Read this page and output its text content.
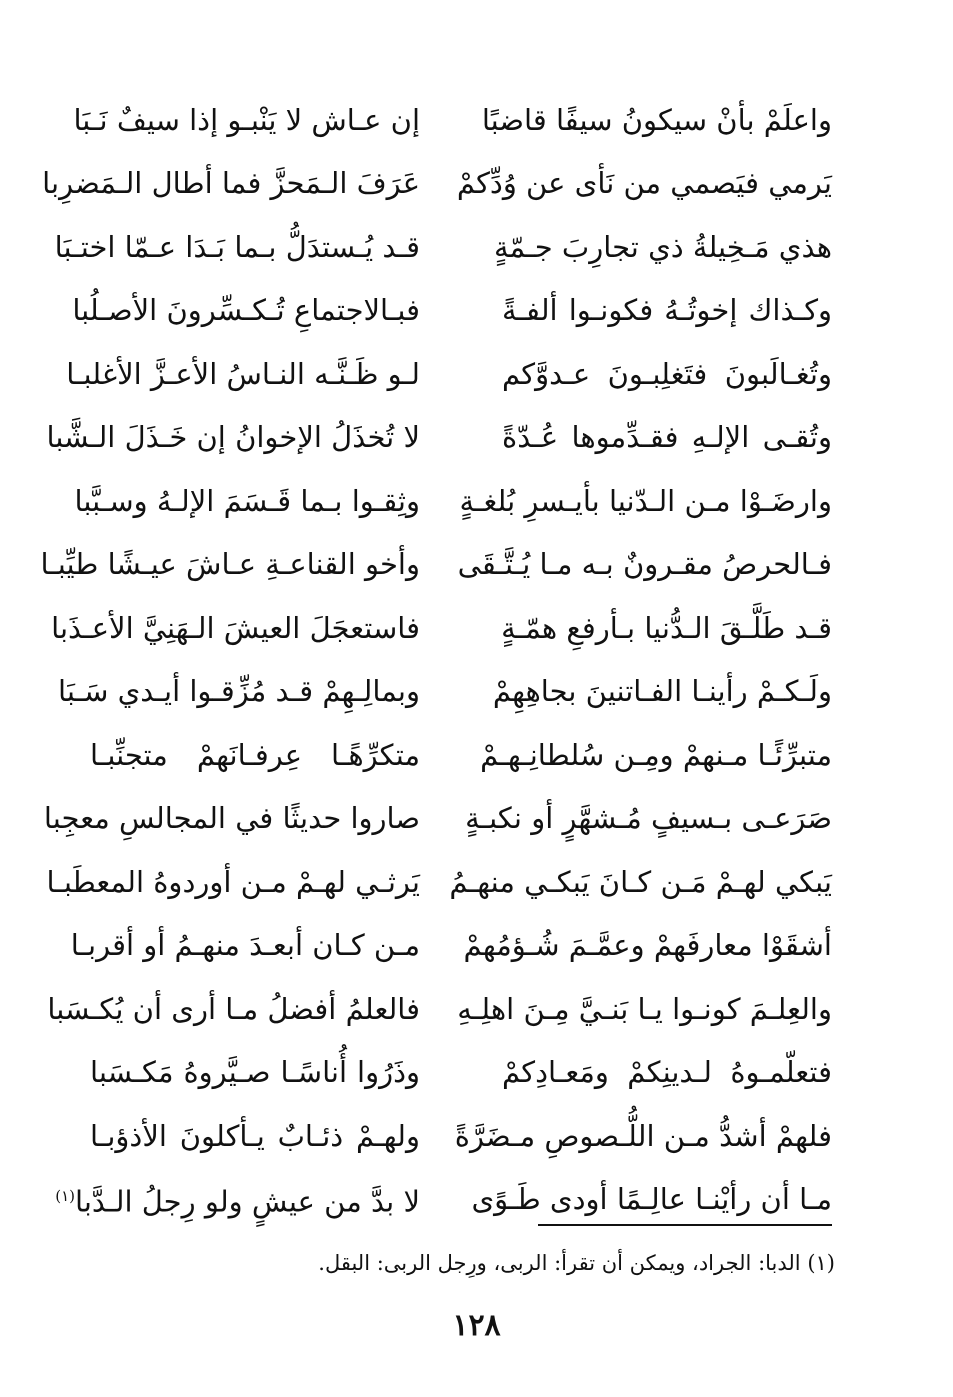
واعلَمْ بأنْ سيكونُ سيفًا قاضبًا
إن عـاش لا يَنْبـو إذا سيفٌ نَـبَا
يَرمي فيَصمي من نَأى عن وُدِّكمْ
عَرَفَ الـمَحزَّ فما أطال الـمَضرِبا
هذي مَـخِيلةُ ذي تجارِبَ جـمّةٍ
قـد يُـستدَلُّ بـما بَـدَا عـمّا اختـبَا
وكـذاك إخوتُـهُ فكونـوا ألفـةً
فبـالاجتماعِ تُـكـسِّرونَ الأصـلُبا
وتُغـالَبونَ فتَغلِبـونَ عـدوَّكم
لـو ظَـنَّـه النـاسُ الأعـزَّ الأغلبـا
وتُقـى الإلـهِ فقـدِّموها عُـدّةً
لا تُخذَلُ الإخوانُ إن خَـذَلَ الـشَّبا
وارضَـوْا مـن الـدّنيا بأيـسرِ بُلغـةٍ
وثِقـوا بـما قَـسَمَ الإلـهُ وسـبَّبا
فـالحرصُ مقـرونٌ بـه مـا يُـتَّـقَى
وأخو القناعـةِ عـاشَ عيـشًا طيِّبـا
قـد طَلَّـقَ الـدُّنيا بـأرفعِ همّـةٍ
فاستعجَلَ العيشَ الـهَنِيَّ الأعـذَبا
ولَـكـمْ رأينـا الفـاتنينَ بجاهِهِمْ
وبمالِـهِمْ قـد مُزِّقـوا أيـدي سَـبَا
متبرِّئًـا مـنهمْ ومِـن سُلطانِـهـمْ
متكرِّهًـا عِرفـانَهمْ متجنِّبـا
صَرَعـى بـسيفٍ مُـشهَّرٍ أو نكبـةٍ
صاروا حديثًا في المجالسِ معجِبا
يَبكي لهـمْ مَـن كـانَ يَبكـي منهـمُ
يَرثـي لهـمْ مـن أوردوهُ المعطَبـا
أشقَوْا معارفَهمْ وعمَّـمَ شُـؤمُهمْ
مـن كـان أبعـدَ منهـمُ أو أقربـا
والعِلـمَ كونـوا يـا بَنـيَّ مِـنَ اهلِـهِ
فالعلمُ أفضلُ مـا أرى أن يُكـسَبا
فتعلّمـوهُ لـدينِكمْ ومَعـادِكمْ
وذَرُوا أُناسًـا صـيَّروهُ مَكـسَبا
فلهمْ أشدُّ مـن اللُّـصوصِ مـضَرَّةً
ولهـمْ ذئـابٌ يـأكلونَ الأذؤبـا
مـا أن رأيْنـا عالِـمًا أودى طَـوًى
لا بدَّ من عيشٍ ولو رِجلُ الـدَّبا$^{(١)}$
(١) الدبا: الجراد، ويمكن أن تقرأ: الربى، ورِجل الربى: البقل.
١٢٨
